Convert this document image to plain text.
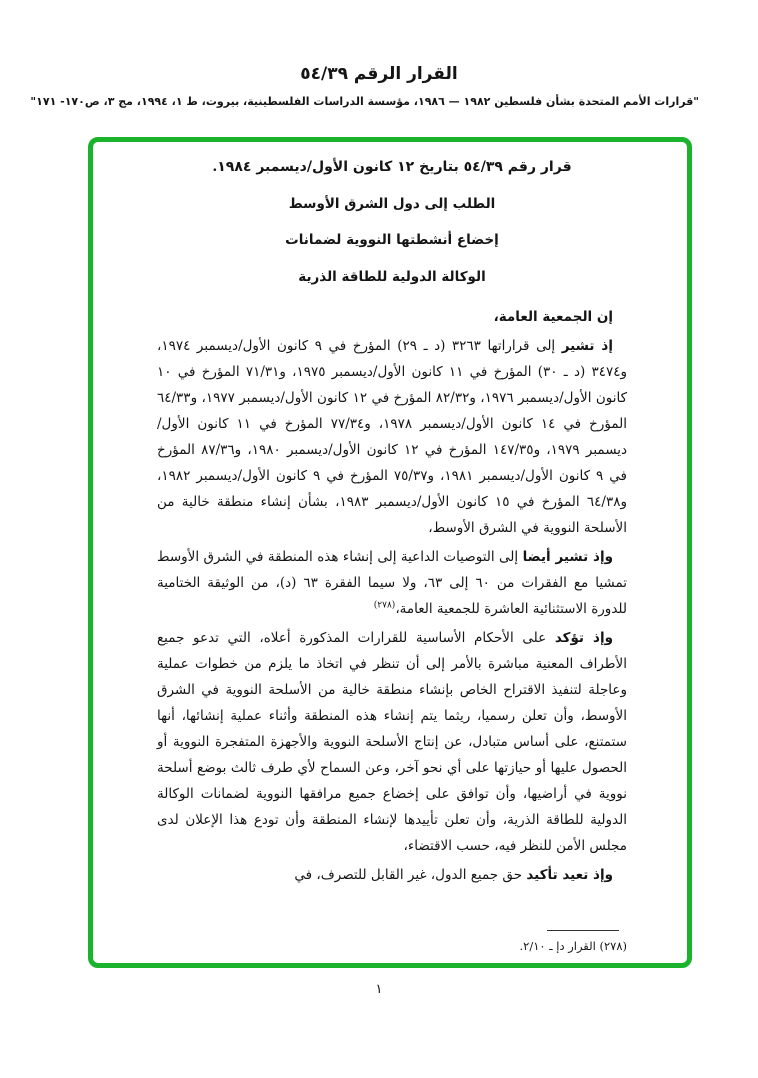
القرار الرقم ٥٤/٣٩

"قرارات الأمم المتحدة بشأن فلسطين ١٩٨٢ — ١٩٨٦، مؤسسة الدراسات الفلسطينية، بيروت، ط ١، ١٩٩٤، مج ٣، ص١٧٠- ١٧١"

قرار رقم ٥٤/٣٩ بتاريخ ١٢ كانون الأول/ديسمبر ١٩٨٤.

الطلب إلى دول الشرق الأوسط

إخضاع أنشطتها النووية لضمانات

الوكالة الدولية للطاقة الذرية

إن الجمعية العامة،

إذ تشير إلى قراراتها ٣٢٦٣ (د ـ ٢٩) المؤرخ في ٩ كانون الأول/ديسمبر ١٩٧٤، و٣٤٧٤ (د ـ ٣٠) المؤرخ في ١١ كانون الأول/ديسمبر ١٩٧٥، و٧١/٣١ المؤرخ في ١٠ كانون الأول/ديسمبر ١٩٧٦، و٨٢/٣٢ المؤرخ في ١٢ كانون الأول/ديسمبر ١٩٧٧، و٦٤/٣٣ المؤرخ في ١٤ كانون الأول/ديسمبر ١٩٧٨، و٧٧/٣٤ المؤرخ في ١١ كانون الأول/ديسمبر ١٩٧٩، و١٤٧/٣٥ المؤرخ في ١٢ كانون الأول/ديسمبر ١٩٨٠، و٨٧/٣٦ المؤرخ في ٩ كانون الأول/ديسمبر ١٩٨١، و٧٥/٣٧ المؤرخ في ٩ كانون الأول/ديسمبر ١٩٨٢، و٦٤/٣٨ المؤرخ في ١٥ كانون الأول/ديسمبر ١٩٨٣، بشأن إنشاء منطقة خالية من الأسلحة النووية في الشرق الأوسط،

وإذ تشير أيضا إلى التوصيات الداعية إلى إنشاء هذه المنطقة في الشرق الأوسط تمشيا مع الفقرات من ٦٠ إلى ٦٣، ولا سيما الفقرة ٦٣ (د)، من الوثيقة الختامية للدورة الاستثنائية العاشرة للجمعية العامة،$^{(٢٧٨)}$

وإذ تؤكد على الأحكام الأساسية للقرارات المذكورة أعلاه، التي تدعو جميع الأطراف المعنية مباشرة بالأمر إلى أن تنظر في اتخاذ ما يلزم من خطوات عملية وعاجلة لتنفيذ الاقتراح الخاص بإنشاء منطقة خالية من الأسلحة النووية في الشرق الأوسط، وأن تعلن رسميا، ريثما يتم إنشاء هذه المنطقة وأثناء عملية إنشائها، أنها ستمتنع، على أساس متبادل، عن إنتاج الأسلحة النووية والأجهزة المتفجرة النووية أو الحصول عليها أو حيازتها على أي نحو آخر، وعن السماح لأي طرف ثالث بوضع أسلحة نووية في أراضيها، وأن توافق على إخضاع جميع مرافقها النووية لضمانات الوكالة الدولية للطاقة الذرية، وأن تعلن تأييدها لإنشاء المنطقة وأن تودع هذا الإعلان لدى مجلس الأمن للنظر فيه، حسب الاقتضاء،

وإذ تعيد تأكيد حق جميع الدول، غير القابل للتصرف، في

(٢٧٨) القرار دإ ـ ٢/١٠.
١
